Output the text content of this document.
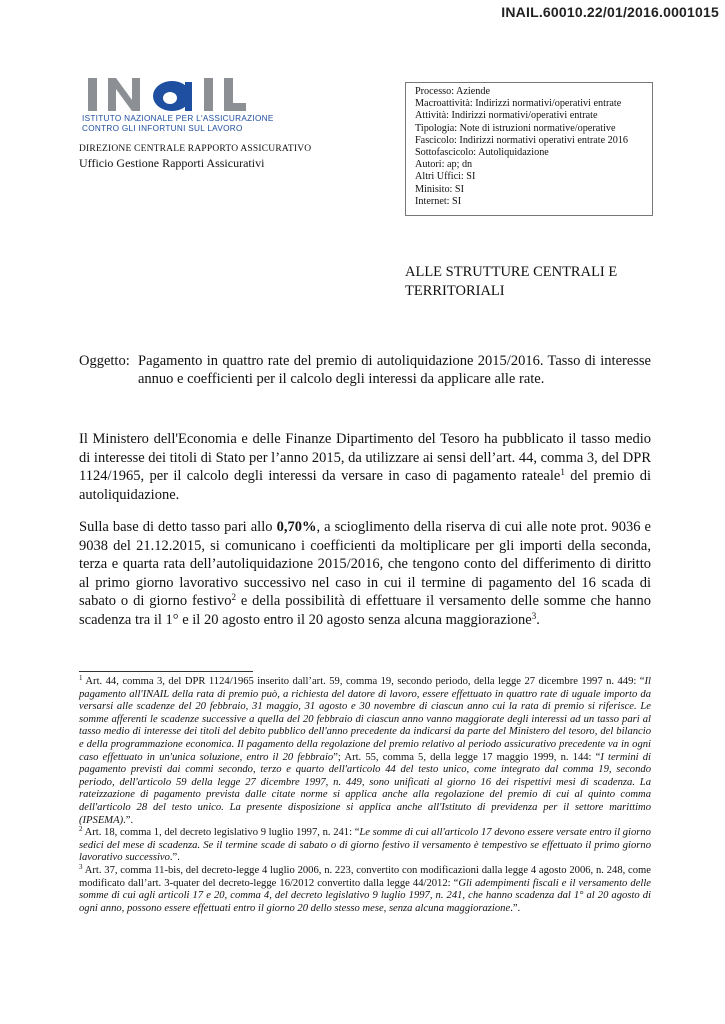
INAIL.60010.22/01/2016.0001015
ISTITUTO NAZIONALE PER L'ASSICURAZIONE
CONTRO GLI INFORTUNI SUL LAVORO
DIREZIONE CENTRALE RAPPORTO ASSICURATIVO
Ufficio Gestione Rapporti Assicurativi
Processo: Aziende
Macroattività: Indirizzi normativi/operativi entrate
Attività: Indirizzi normativi/operativi entrate
Tipologia: Note di istruzioni normative/operative
Fascicolo: Indirizzi normativi operativi entrate 2016
Sottofascicolo: Autoliquidazione
Autori: ap; dn
Altri Uffici: SI
Minisito: SI
Internet: SI
ALLE STRUTTURE CENTRALI E TERRITORIALI
Oggetto: Pagamento in quattro rate del premio di autoliquidazione 2015/2016. Tasso di interesse annuo e coefficienti per il calcolo degli interessi da applicare alle rate.
Il Ministero dell'Economia e delle Finanze Dipartimento del Tesoro ha pubblicato il tasso medio di interesse dei titoli di Stato per l’anno 2015, da utilizzare ai sensi dell’art. 44, comma 3, del DPR 1124/1965, per il calcolo degli interessi da versare in caso di pagamento rateale$^1$ del premio di autoliquidazione.
Sulla base di detto tasso pari allo 0,70%, a scioglimento della riserva di cui alle note prot. 9036 e 9038 del 21.12.2015, si comunicano i coefficienti da moltiplicare per gli importi della seconda, terza e quarta rata dell’autoliquidazione 2015/2016, che tengono conto del differimento di diritto al primo giorno lavorativo successivo nel caso in cui il termine di pagamento del 16 scada di sabato o di giorno festivo$^2$ e della possibilità di effettuare il versamento delle somme che hanno scadenza tra il 1° e il 20 agosto entro il 20 agosto senza alcuna maggiorazione$^3$.

$^1$ Art. 44, comma 3, del DPR 1124/1965 inserito dall’art. 59, comma 19, secondo periodo, della legge 27 dicembre 1997 n. 449: “Il pagamento all'INAIL della rata di premio può, a richiesta del datore di lavoro, essere effettuato in quattro rate di uguale importo da versarsi alle scadenze del 20 febbraio, 31 maggio, 31 agosto e 30 novembre di ciascun anno cui la rata di premio si riferisce. Le somme afferenti le scadenze successive a quella del 20 febbraio di ciascun anno vanno maggiorate degli interessi ad un tasso pari al tasso medio di interesse dei titoli del debito pubblico dell'anno precedente da indicarsi da parte del Ministero del tesoro, del bilancio e della programmazione economica. Il pagamento della regolazione del premio relativo al periodo assicurativo precedente va in ogni caso effettuato in un'unica soluzione, entro il 20 febbraio”; Art. 55, comma 5, della legge 17 maggio 1999, n. 144: “I termini di pagamento previsti dai commi secondo, terzo e quarto dell'articolo 44 del testo unico, come integrato dal comma 19, secondo periodo, dell'articolo 59 della legge 27 dicembre 1997, n. 449, sono unificati al giorno 16 dei rispettivi mesi di scadenza. La rateizzazione di pagamento prevista dalle citate norme si applica anche alla regolazione del premio di cui al quinto comma dell'articolo 28 del testo unico. La presente disposizione si applica anche all'Istituto di previdenza per il settore marittimo (IPSEMA).”.

$^2$ Art. 18, comma 1, del decreto legislativo 9 luglio 1997, n. 241: “Le somme di cui all'articolo 17 devono essere versate entro il giorno sedici del mese di scadenza. Se il termine scade di sabato o di giorno festivo il versamento è tempestivo se effettuato il primo giorno lavorativo successivo.”.

$^3$ Art. 37, comma 11-bis, del decreto-legge 4 luglio 2006, n. 223, convertito con modificazioni dalla legge 4 agosto 2006, n. 248, come modificato dall’art. 3-quater del decreto-legge 16/2012 convertito dalla legge 44/2012: “Gli adempimenti fiscali e il versamento delle somme di cui agli articoli 17 e 20, comma 4, del decreto legislativo 9 luglio 1997, n. 241, che hanno scadenza dal 1° al 20 agosto di ogni anno, possono essere effettuati entro il giorno 20 dello stesso mese, senza alcuna maggiorazione.”.
